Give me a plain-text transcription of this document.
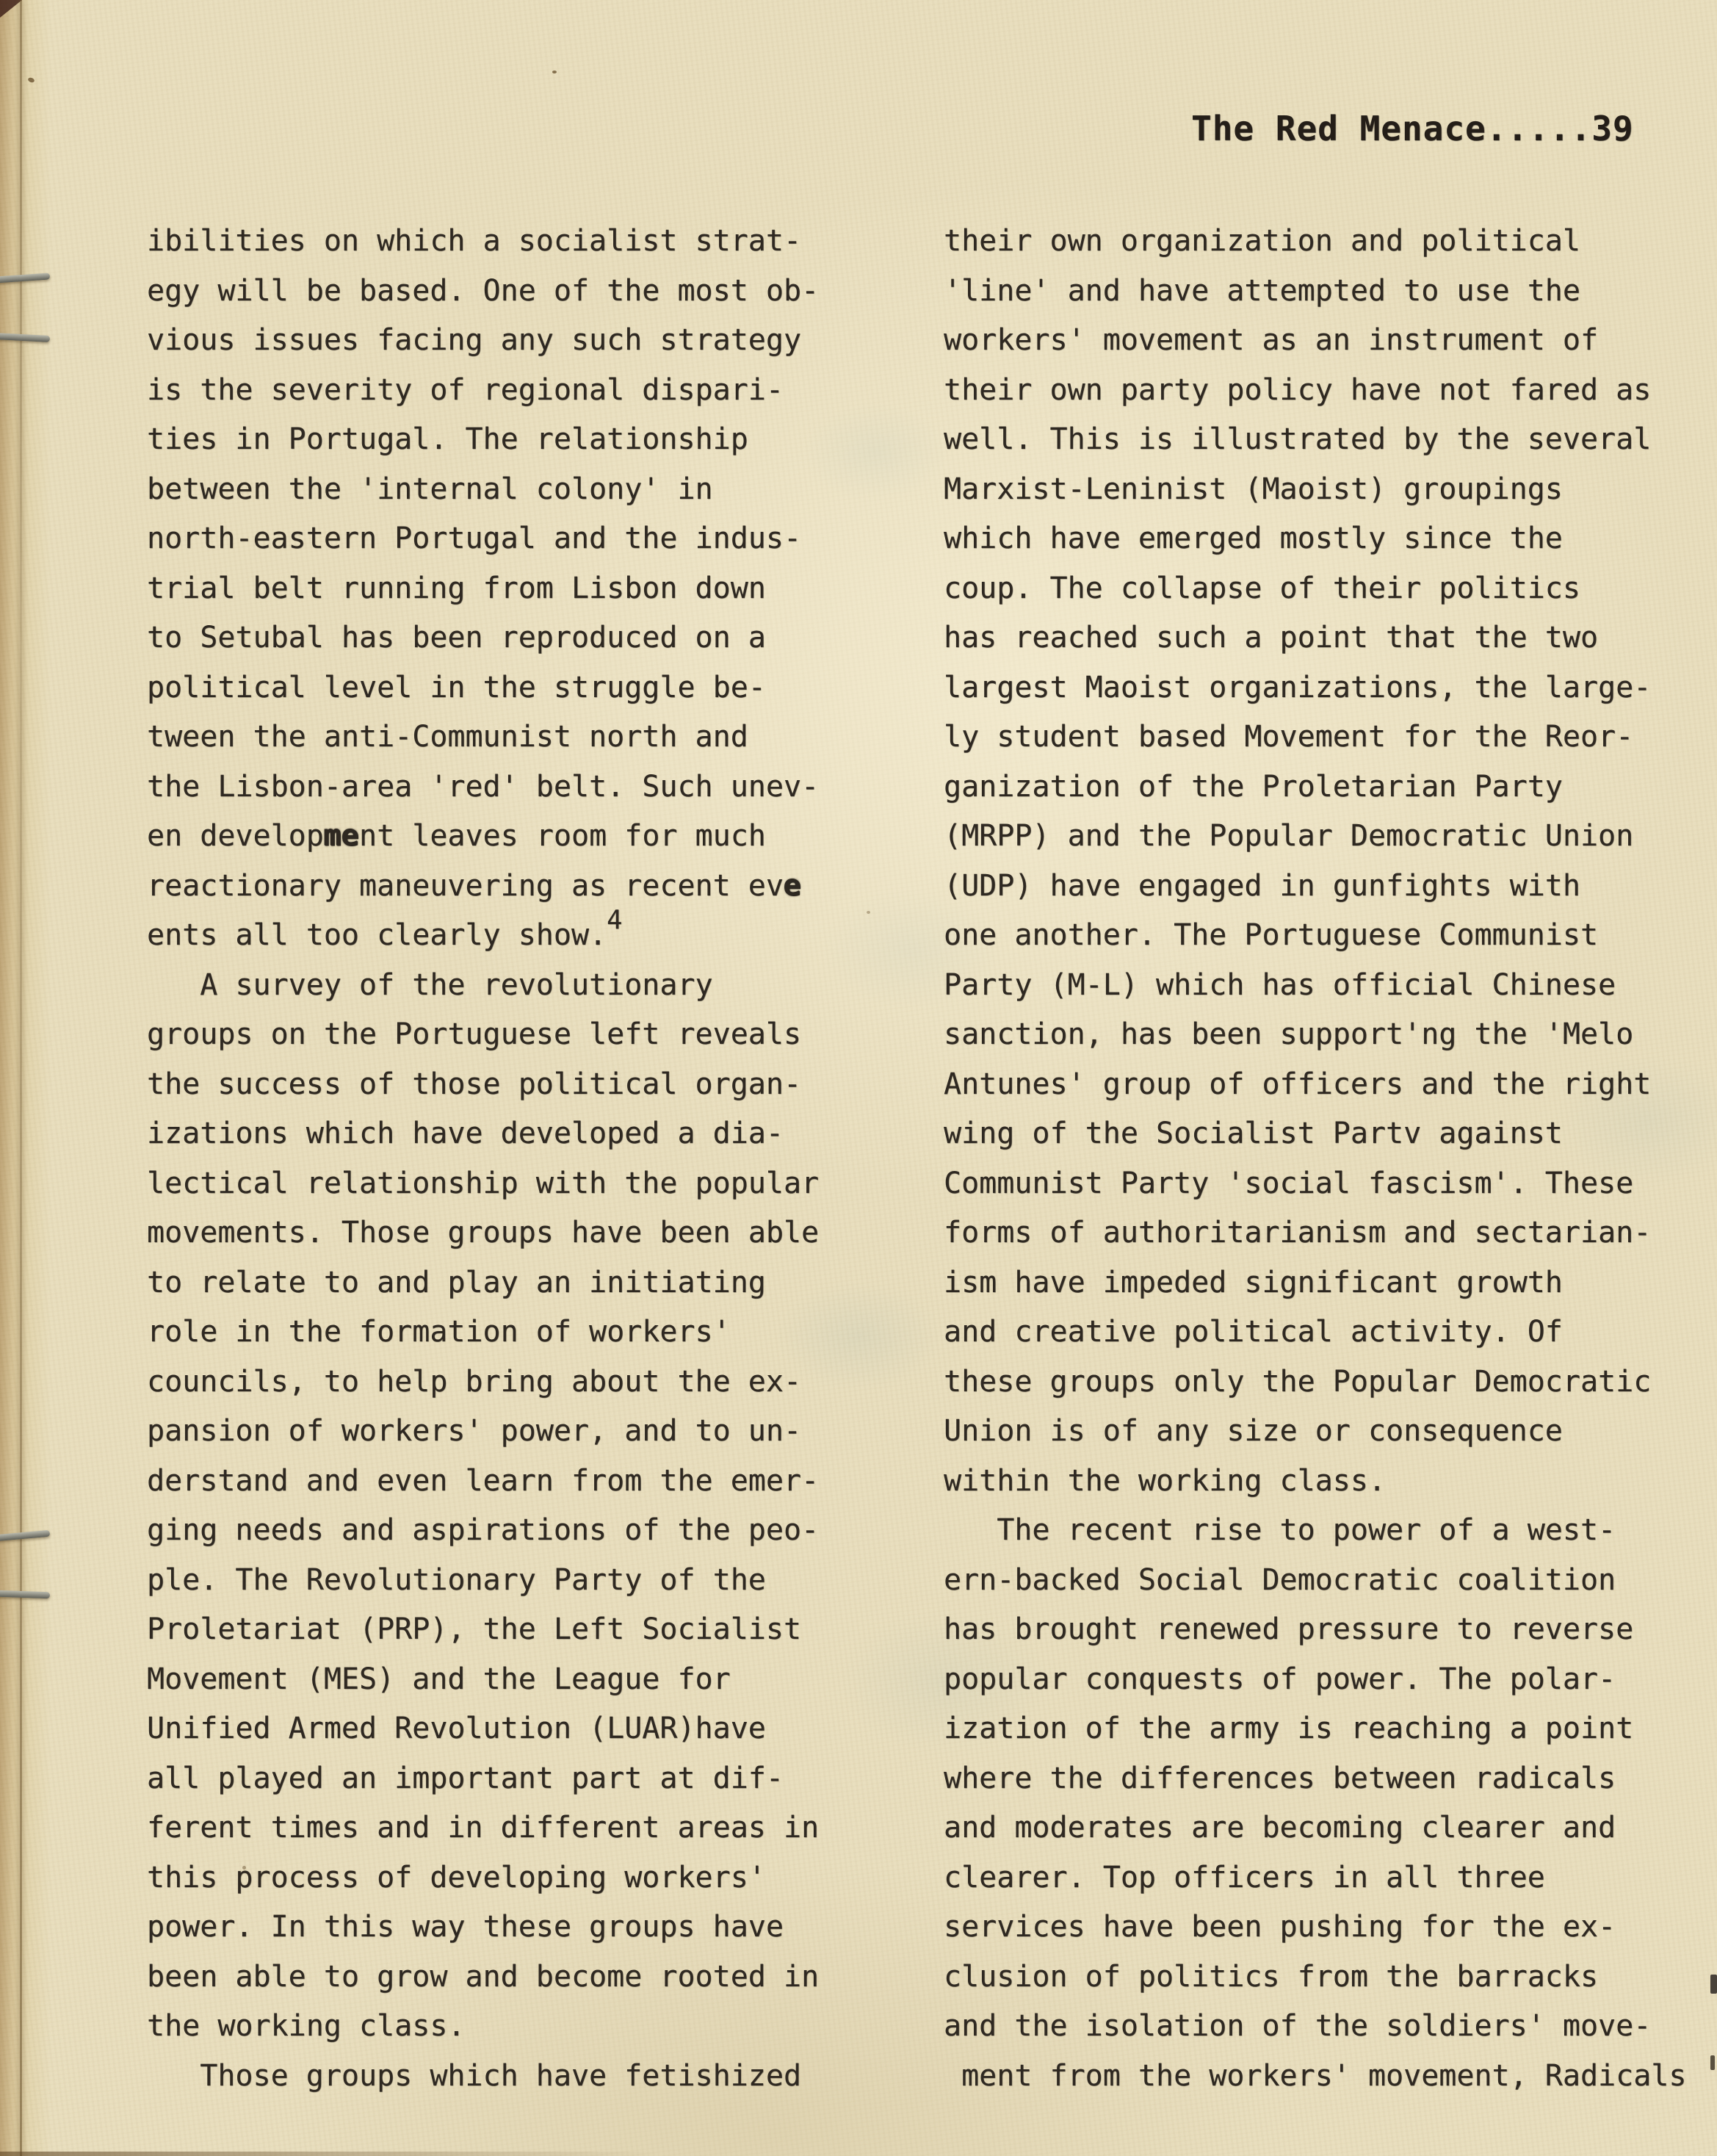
The Red Menace.....39
ibilities on which a socialist strat-
egy will be based. One of the most ob-
vious issues facing any such strategy
is the severity of regional dispari-
ties in Portugal. The relationship
between the 'internal colony' in
north-eastern Portugal and the indus-
trial belt running from Lisbon down
to Setubal has been reproduced on a
political level in the struggle be-
tween the anti-Communist north and
the Lisbon-area 'red' belt. Such unev-
en development leaves room for much
reactionary maneuvering as recent eve
ents all too clearly show.4
A survey of the revolutionary
groups on the Portuguese left reveals
the success of those political organ-
izations which have developed a dia-
lectical relationship with the popular
movements. Those groups have been able
to relate to and play an initiating
role in the formation of workers'
councils, to help bring about the ex-
pansion of workers' power, and to un-
derstand and even learn from the emer-
ging needs and aspirations of the peo-
ple. The Revolutionary Party of the
Proletariat (PRP), the Left Socialist
Movement (MES) and the League for
Unified Armed Revolution (LUAR)have
all played an important part at dif-
ferent times and in different areas in
this process of developing workers'
power. In this way these groups have
been able to grow and become rooted in
the working class.
Those groups which have fetishized
their own organization and political
'line' and have attempted to use the
workers' movement as an instrument of
their own party policy have not fared as
well. This is illustrated by the several
Marxist-Leninist (Maoist) groupings
which have emerged mostly since the
coup. The collapse of their politics
has reached such a point that the two
largest Maoist organizations, the large-
ly student based Movement for the Reor-
ganization of the Proletarian Party
(MRPP) and the Popular Democratic Union
(UDP) have engaged in gunfights with
one another. The Portuguese Communist
Party (M-L) which has official Chinese
sanction, has been support'ng the 'Melo
Antunes' group of officers and the right
wing of the Socialist Partv against
Communist Party 'social fascism'. These
forms of authoritarianism and sectarian-
ism have impeded significant growth
and creative political activity. Of
these groups only the Popular Democratic
Union is of any size or consequence
within the working class.
The recent rise to power of a west-
ern-backed Social Democratic coalition
has brought renewed pressure to reverse
popular conquests of power. The polar-
ization of the army is reaching a point
where the differences between radicals
and moderates are becoming clearer and
clearer. Top officers in all three
services have been pushing for the ex-
clusion of politics from the barracks
and the isolation of the soldiers' move-
ment from the workers' movement, Radicals
